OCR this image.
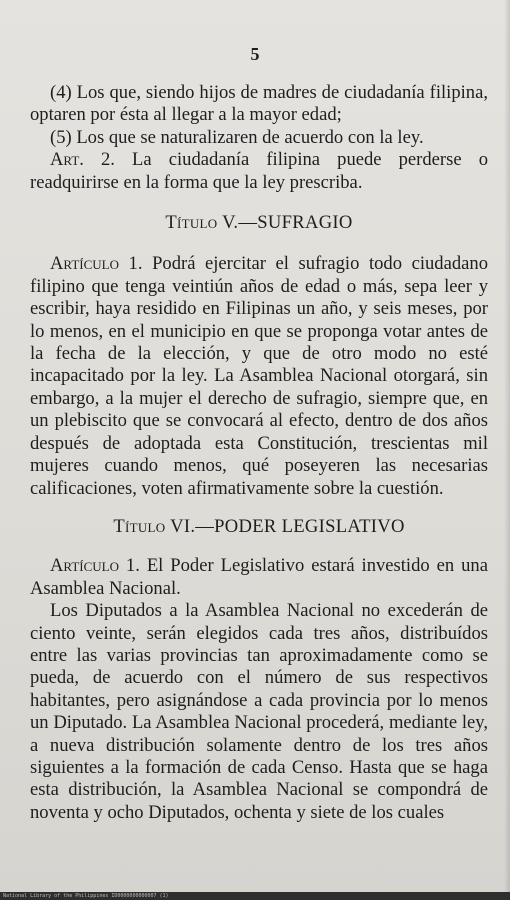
5

(4) Los que, siendo hijos de madres de ciudadanía filipina, optaren por ésta al llegar a la mayor edad;

(5) Los que se naturalizaren de acuerdo con la ley.

Art. 2. La ciudadanía filipina puede perderse o readquirirse en la forma que la ley prescriba.

Título V.—SUFRAGIO

Artículo 1. Podrá ejercitar el sufragio todo ciudadano filipino que tenga veintiún años de edad o más, sepa leer y escribir, haya residido en Filipinas un año, y seis meses, por lo menos, en el municipio en que se proponga votar antes de la fecha de la elección, y que de otro modo no esté incapacitado por la ley. La Asamblea Nacional otorgará, sin embargo, a la mujer el derecho de sufragio, siempre que, en un plebiscito que se convocará al efecto, dentro de dos años después de adoptada esta Constitución, trescientas mil mujeres cuando menos, qué poseyeren las necesarias calificaciones, voten afirmativamente sobre la cuestión.

Título VI.—PODER LEGISLATIVO

Artículo 1. El Poder Legislativo estará investido en una Asamblea Nacional.

Los Diputados a la Asamblea Nacional no excederán de ciento veinte, serán elegidos cada tres años, distribuídos entre las varias provincias tan aproximadamente como se pueda, de acuerdo con el número de sus respectivos habitantes, pero asignándose a cada provincia por lo menos un Diputado. La Asamblea Nacional procederá, mediante ley, a nueva distribución solamente dentro de los tres años siguientes a la formación de cada Censo. Hasta que se haga esta distribución, la Asamblea Nacional se compondrá de noventa y ocho Diputados, ochenta y siete de los cuales

National Library of the Philippines ID0000000000007 (1)
